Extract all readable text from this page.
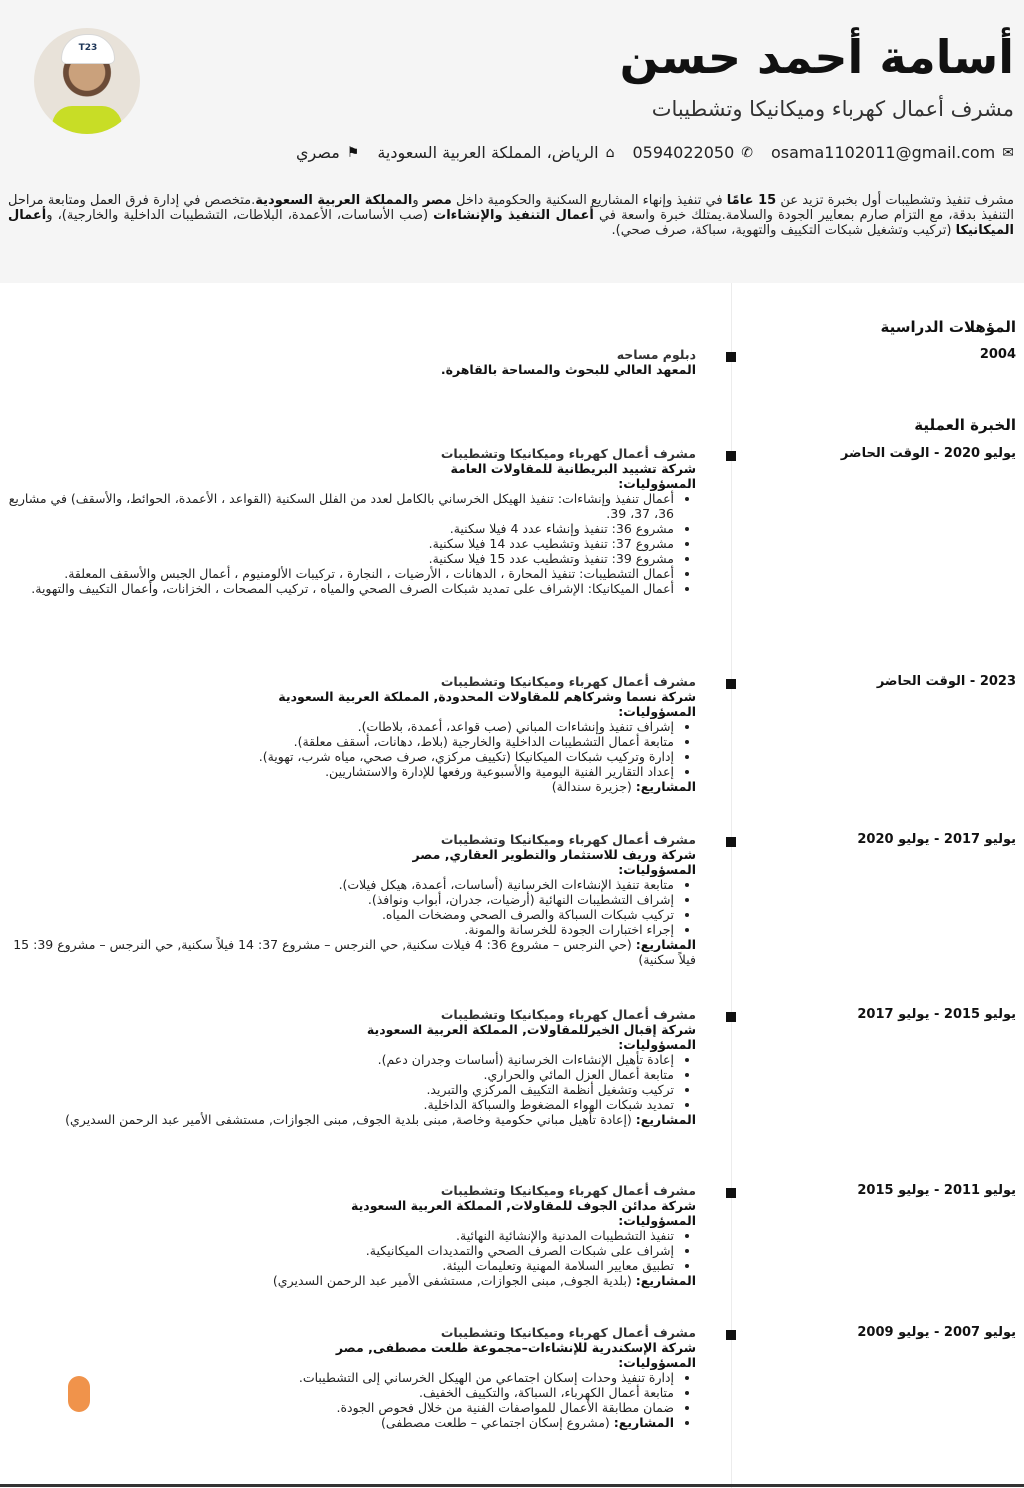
T23	أسامة أحمد حسن
مشرف أعمال كهرباء وميكانيكا وتشطيبات
✉
osama1102011@gmail.com
✆
0594022050
⌂
الرياض، المملكة العربية السعودية
⚑
مصري
مشرف تنفيذ وتشطيبات أول بخبرة تزيد عن 15 عامًا في تنفيذ وإنهاء المشاريع السكنية والحكومية داخل مصر والمملكة العربية السعودية.متخصص في إدارة فرق العمل ومتابعة مراحل التنفيذ بدقة، مع التزام صارم بمعايير الجودة والسلامة.يمتلك خبرة واسعة في أعمال التنفيذ والإنشاءات (صب الأساسات، الأعمدة، البلاطات، التشطيبات الداخلية والخارجية)، وأعمال الميكانيكا (تركيب وتشغيل شبكات التكييف والتهوية، سباكة، صرف صحي).
المؤهلات الدراسية
2004
دبلوم مساحه
المعهد العالي للبحوث والمساحة بالقاهرة.
الخبرة العملية
يوليو 2020 - الوقت الحاضر
مشرف أعمال كهرباء وميكانيكا وتشطيبات
شركة تشييد البريطانية للمقاولات العامة
المسؤوليات:
• أعمال تنفيذ وإنشاءات: تنفيذ الهيكل الخرساني بالكامل لعدد من الفلل السكنية (القواعد ، الأعمدة، الحوائط، والأسقف) في مشاريع 36، 37، 39.
• مشروع 36: تنفيذ وإنشاء عدد 4 فيلا سكنية.
• مشروع 37: تنفيذ وتشطيب عدد 14 فيلا سكنية.
• مشروع 39: تنفيذ وتشطيب عدد 15 فيلا سكنية.
• أعمال التشطيبات: تنفيذ المحارة ، الدهانات ، الأرضيات ، النجارة ، تركيبات الألومنيوم ، أعمال الجبس والأسقف المعلقة.
• أعمال الميكانيكا: الإشراف على تمديد شبكات الصرف الصحي والمياه ، تركيب المصحات ، الخزانات، وأعمال التكييف والتهوية.
2023 - الوقت الحاضر
مشرف أعمال كهرباء وميكانيكا وتشطيبات
شركة نسما وشركاهم للمقاولات المحدودة, المملكة العربية السعودية
المسؤوليات:
• إشراف تنفيذ وإنشاءات المباني (صب قواعد، أعمدة، بلاطات).
• متابعة أعمال التشطيبات الداخلية والخارجية (بلاط، دهانات، أسقف معلقة).
• إدارة وتركيب شبكات الميكانيكا (تكييف مركزي، صرف صحي، مياه شرب، تهوية).
• إعداد التقارير الفنية اليومية والأسبوعية ورفعها للإدارة والاستشاريين.
المشاريع: (جزيرة سندالة)
يوليو 2017 - يوليو 2020
مشرف أعمال كهرباء وميكانيكا وتشطيبات
شركة وريف للاستثمار والتطوير العقاري, مصر
المسؤوليات:
• متابعة تنفيذ الإنشاءات الخرسانية (أساسات، أعمدة، هيكل فيلات).
• إشراف التشطيبات النهائية (أرضيات، جدران، أبواب ونوافذ).
• تركيب شبكات السباكة والصرف الصحي ومضخات المياه.
• إجراء اختبارات الجودة للخرسانة والمونة.
المشاريع: (حي النرجس – مشروع 36: 4 فيلات سكنية, حي النرجس – مشروع 37: 14 فيلاً سكنية, حي النرجس – مشروع 39: 15 فيلاً سكنية)
يوليو 2015 - يوليو 2017
مشرف أعمال كهرباء وميكانيكا وتشطيبات
شركة إقبال الخيرللمقاولات, المملكة العربية السعودية
المسؤوليات:
• إعادة تأهيل الإنشاءات الخرسانية (أساسات وجدران دعم).
• متابعة أعمال العزل المائي والحراري.
• تركيب وتشغيل أنظمة التكييف المركزي والتبريد.
• تمديد شبكات الهواء المضغوط والسباكة الداخلية.
المشاريع: (إعادة تأهيل مباني حكومية وخاصة, مبنى بلدية الجوف, مبنى الجوازات, مستشفى الأمير عبد الرحمن السديري)
يوليو 2011 - يوليو 2015
مشرف أعمال كهرباء وميكانيكا وتشطيبات
شركة مدائن الجوف للمقاولات, المملكة العربية السعودية
المسؤوليات:
• تنفيذ التشطيبات المدنية والإنشائية النهائية.
• إشراف على شبكات الصرف الصحي والتمديدات الميكانيكية.
• تطبيق معايير السلامة المهنية وتعليمات البيئة.
المشاريع: (بلدية الجوف, مبنى الجوازات, مستشفى الأمير عبد الرحمن السديري)
يوليو 2007 - يوليو 2009
مشرف أعمال كهرباء وميكانيكا وتشطيبات
شركة الإسكندرية للإنشاءات–مجموعة طلعت مصطفى, مصر
المسؤوليات:
• إدارة تنفيذ وحدات إسكان اجتماعي من الهيكل الخرساني إلى التشطيبات.
• متابعة أعمال الكهرباء، السباكة، والتكييف الخفيف.
• ضمان مطابقة الأعمال للمواصفات الفنية من خلال فحوص الجودة.
• المشاريع: (مشروع إسكان اجتماعي – طلعت مصطفى)
